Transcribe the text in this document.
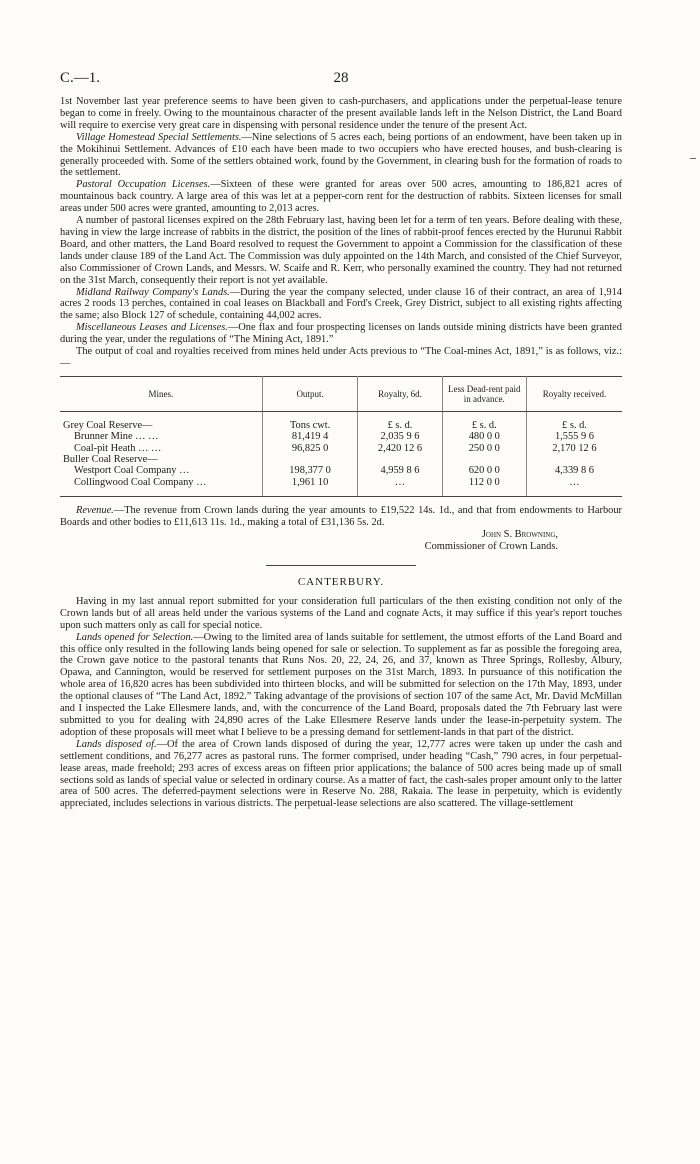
C.—1.	28

1st November last year preference seems to have been given to cash-purchasers, and applications under the perpetual-lease tenure began to come in freely. Owing to the mountainous character of the present available lands left in the Nelson District, the Land Board will require to exercise very great care in dispensing with personal residence under the tenure of the present Act.

Village Homestead Special Settlements.—Nine selections of 5 acres each, being portions of an endowment, have been taken up in the Mokihinui Settlement. Advances of £10 each have been made to two occupiers who have erected houses, and bush-clearing is generally proceeded with. Some of the settlers obtained work, found by the Government, in clearing bush for the formation of roads to the settlement.

Pastoral Occupation Licenses.—Sixteen of these were granted for areas over 500 acres, amounting to 186,821 acres of mountainous back country. A large area of this was let at a pepper-corn rent for the destruction of rabbits. Sixteen licenses for small areas under 500 acres were granted, amounting to 2,013 acres.

A number of pastoral licenses expired on the 28th February last, having been let for a term of ten years. Before dealing with these, having in view the large increase of rabbits in the district, the position of the lines of rabbit-proof fences erected by the Hurunui Rabbit Board, and other matters, the Land Board resolved to request the Government to appoint a Commission for the classification of these lands under clause 189 of the Land Act. The Commission was duly appointed on the 14th March, and consisted of the Chief Surveyor, also Commissioner of Crown Lands, and Messrs. W. Scaife and R. Kerr, who personally examined the country. They had not returned on the 31st March, consequently their report is not yet available.

Midland Railway Company's Lands.—During the year the company selected, under clause 16 of their contract, an area of 1,914 acres 2 roods 13 perches, contained in coal leases on Blackball and Ford's Creek, Grey District, subject to all existing rights affecting the same; also Block 127 of schedule, containing 44,002 acres.

Miscellaneous Leases and Licenses.—One flax and four prospecting licenses on lands outside mining districts have been granted during the year, under the regulations of “The Mining Act, 1891.”

The output of coal and royalties received from mines held under Acts previous to “The Coal-mines Act, 1891,” is as follows, viz.:—

Mines.	Output.	Royalty, 6d.	Less Dead-rent paid in advance.	Royalty received.

Grey Coal Reserve—	Tons cwt.	£ s. d.	£ s. d.	£ s. d.
Brunner Mine … …	81,419 4	2,035 9 6	480 0 0	1,555 9 6
Coal-pit Heath … …	96,825 0	2,420 12 6	250 0 0	2,170 12 6
Buller Coal Reserve—				
Westport Coal Company …	198,377 0	4,959 8 6	620 0 0	4,339 8 6
Collingwood Coal Company …	1,961 10	…	112 0 0	…

Revenue.—The revenue from Crown lands during the year amounts to £19,522 14s. 1d., and that from endowments to Harbour Boards and other bodies to £11,613 11s. 1d., making a total of £31,136 5s. 2d.

John S. Browning,
Commissioner of Crown Lands.
CANTERBURY.

Having in my last annual report submitted for your consideration full particulars of the then existing condition not only of the Crown lands but of all areas held under the various systems of the Land and cognate Acts, it may suffice if this year's report touches upon such matters only as call for special notice.

Lands opened for Selection.—Owing to the limited area of lands suitable for settlement, the utmost efforts of the Land Board and this office only resulted in the following lands being opened for sale or selection. To supplement as far as possible the foregoing area, the Crown gave notice to the pastoral tenants that Runs Nos. 20, 22, 24, 26, and 37, known as Three Springs, Rollesby, Albury, Opawa, and Cannington, would be reserved for settlement purposes on the 31st March, 1893. In pursuance of this notification the whole area of 16,820 acres has been subdivided into thirteen blocks, and will be submitted for selection on the 17th May, 1893, under the optional clauses of “The Land Act, 1892.” Taking advantage of the provisions of section 107 of the same Act, Mr. David McMillan and I inspected the Lake Ellesmere lands, and, with the concurrence of the Land Board, proposals dated the 7th February last were submitted to you for dealing with 24,890 acres of the Lake Ellesmere Reserve lands under the lease-in-perpetuity system. The adoption of these proposals will meet what I believe to be a pressing demand for settlement-lands in that part of the district.

Lands disposed of.—Of the area of Crown lands disposed of during the year, 12,777 acres were taken up under the cash and settlement conditions, and 76,277 acres as pastoral runs. The former comprised, under heading “Cash,” 790 acres, in four perpetual-lease areas, made freehold; 293 acres of excess areas on fifteen prior applications; the balance of 500 acres being made up of small sections sold as lands of special value or selected in ordinary course. As a matter of fact, the cash-sales proper amount only to the latter area of 500 acres. The deferred-payment selections were in Reserve No. 288, Rakaia. The lease in perpetuity, which is evidently appreciated, includes selections in various districts. The perpetual-lease selections are also scattered. The village-settlement
